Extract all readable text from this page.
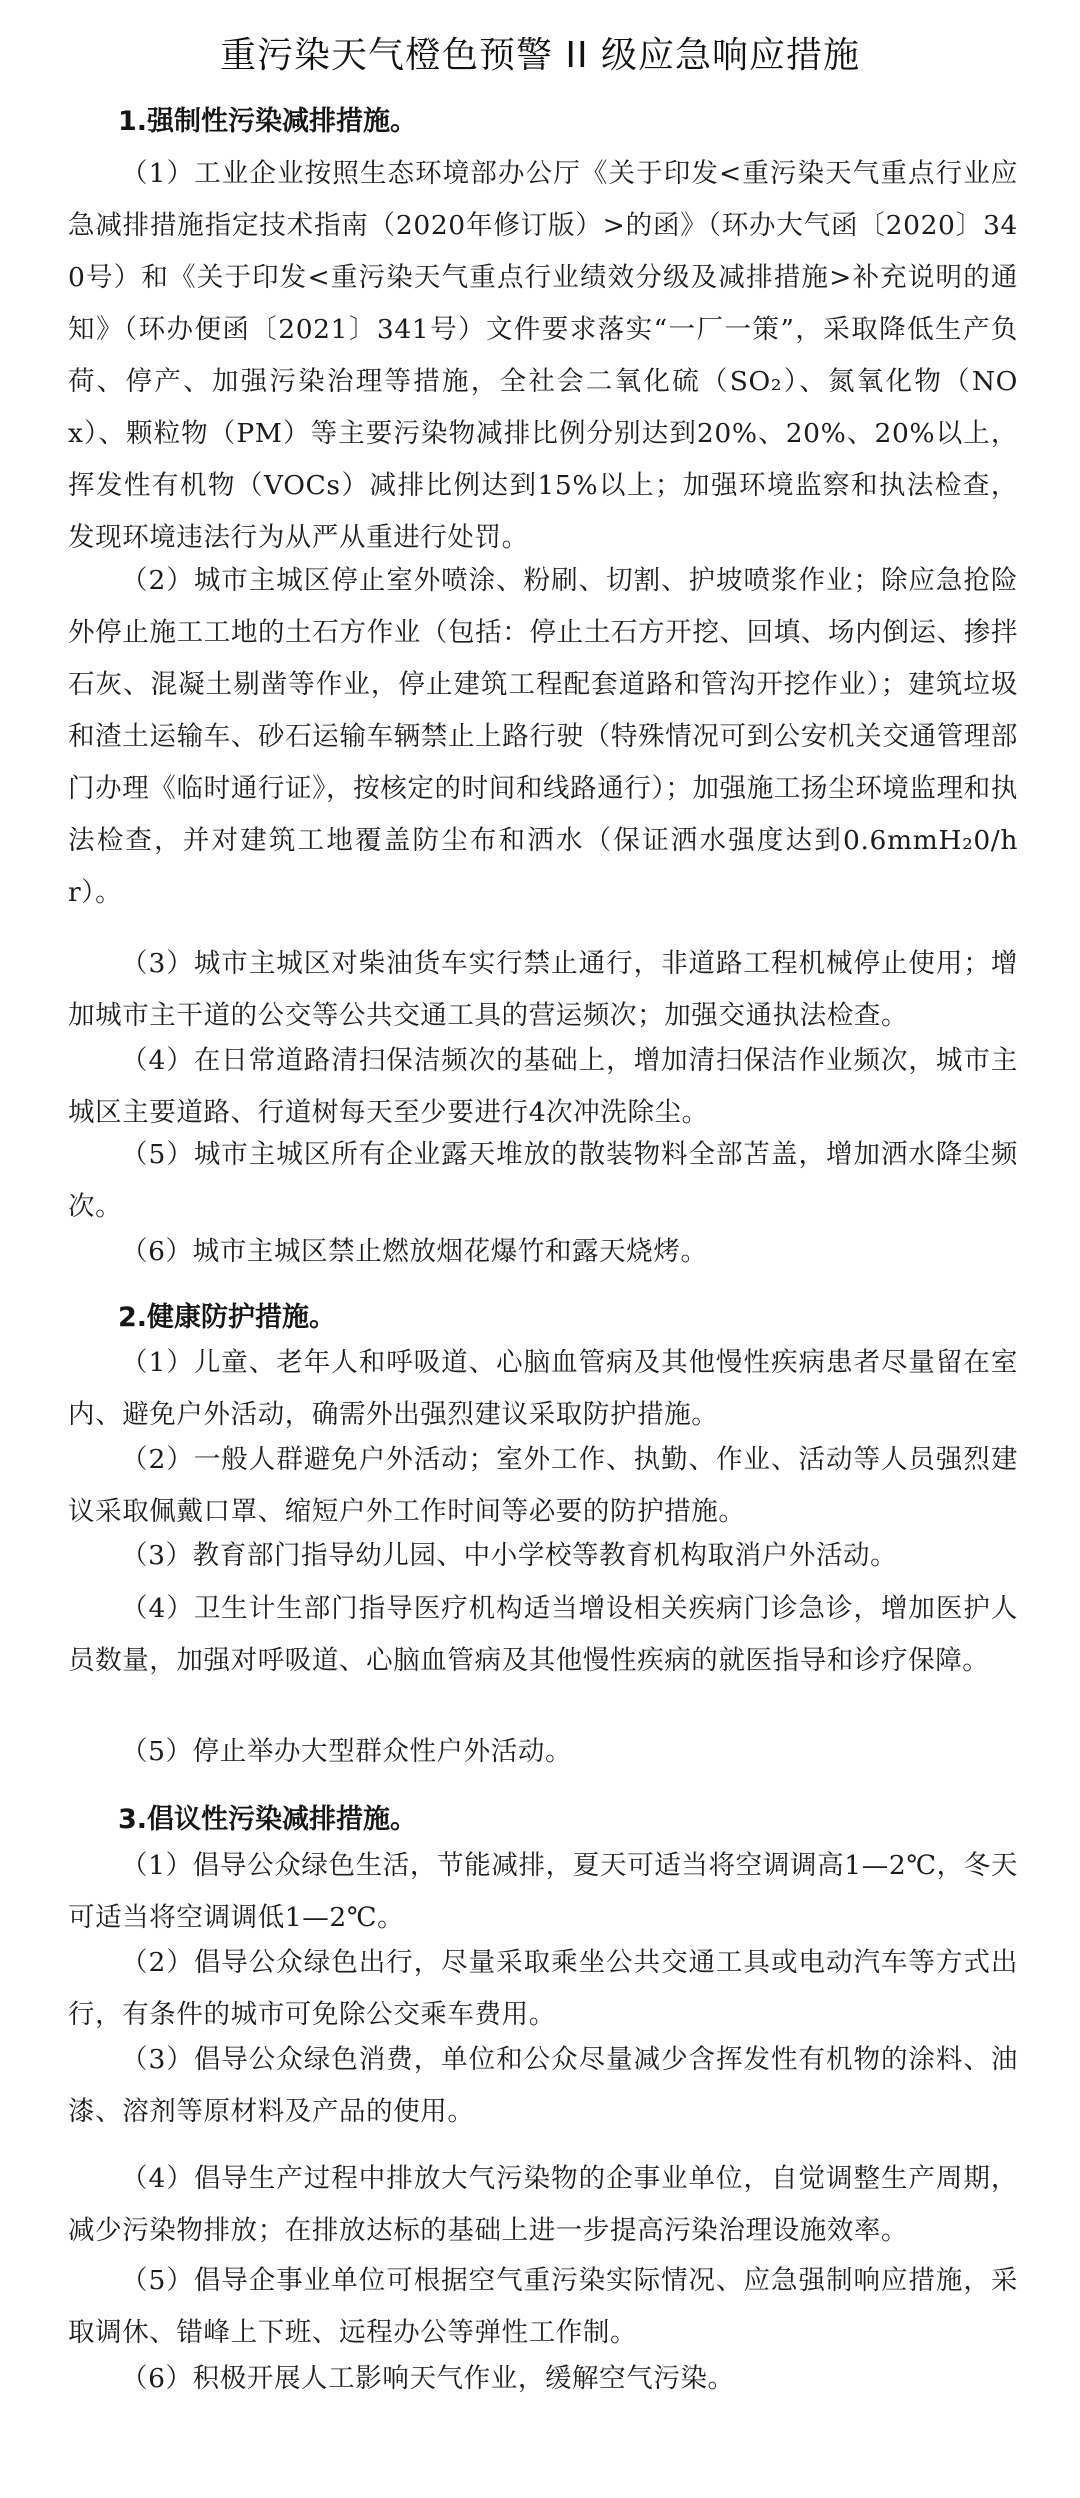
重污染天气橙色预警 II 级应急响应措施
1.强制性污染减排措施。
（1）工业企业按照生态环境部办公厅《关于印发<重污染天气重点行业应急减排措施指定技术指南（2020年修订版）>的函》（环办大气函〔2020〕340号）和《关于印发<重污染天气重点行业绩效分级及减排措施>补充说明的通知》（环办便函〔2021〕341号）文件要求落实“一厂一策”，采取降低生产负荷、停产、加强污染治理等措施，全社会二氧化硫（SO₂）、氮氧化物（NOx）、颗粒物（PM）等主要污染物减排比例分别达到20%、20%、20%以上，挥发性有机物（VOCs）减排比例达到15%以上；加强环境监察和执法检查，发现环境违法行为从严从重进行处罚。
（2）城市主城区停止室外喷涂、粉刷、切割、护坡喷浆作业；除应急抢险外停止施工工地的土石方作业（包括：停止土石方开挖、回填、场内倒运、掺拌石灰、混凝土剔凿等作业，停止建筑工程配套道路和管沟开挖作业）；建筑垃圾和渣土运输车、砂石运输车辆禁止上路行驶（特殊情况可到公安机关交通管理部门办理《临时通行证》，按核定的时间和线路通行）；加强施工扬尘环境监理和执法检查，并对建筑工地覆盖防尘布和洒水（保证洒水强度达到0.6mmH₂0/hr）。
（3）城市主城区对柴油货车实行禁止通行，非道路工程机械停止使用；增加城市主干道的公交等公共交通工具的营运频次；加强交通执法检查。
（4）在日常道路清扫保洁频次的基础上，增加清扫保洁作业频次，城市主城区主要道路、行道树每天至少要进行4次冲洗除尘。
（5）城市主城区所有企业露天堆放的散装物料全部苫盖，增加洒水降尘频次。
（6）城市主城区禁止燃放烟花爆竹和露天烧烤。
2.健康防护措施。
（1）儿童、老年人和呼吸道、心脑血管病及其他慢性疾病患者尽量留在室内、避免户外活动，确需外出强烈建议采取防护措施。
（2）一般人群避免户外活动；室外工作、执勤、作业、活动等人员强烈建议采取佩戴口罩、缩短户外工作时间等必要的防护措施。
（3）教育部门指导幼儿园、中小学校等教育机构取消户外活动。
（4）卫生计生部门指导医疗机构适当增设相关疾病门诊急诊，增加医护人员数量，加强对呼吸道、心脑血管病及其他慢性疾病的就医指导和诊疗保障。
（5）停止举办大型群众性户外活动。
3.倡议性污染减排措施。
（1）倡导公众绿色生活，节能减排，夏天可适当将空调调高1—2℃，冬天可适当将空调调低1—2℃。
（2）倡导公众绿色出行，尽量采取乘坐公共交通工具或电动汽车等方式出行，有条件的城市可免除公交乘车费用。
（3）倡导公众绿色消费，单位和公众尽量减少含挥发性有机物的涂料、油漆、溶剂等原材料及产品的使用。
（4）倡导生产过程中排放大气污染物的企事业单位，自觉调整生产周期，减少污染物排放；在排放达标的基础上进一步提高污染治理设施效率。
（5）倡导企事业单位可根据空气重污染实际情况、应急强制响应措施，采取调休、错峰上下班、远程办公等弹性工作制。
（6）积极开展人工影响天气作业，缓解空气污染。
